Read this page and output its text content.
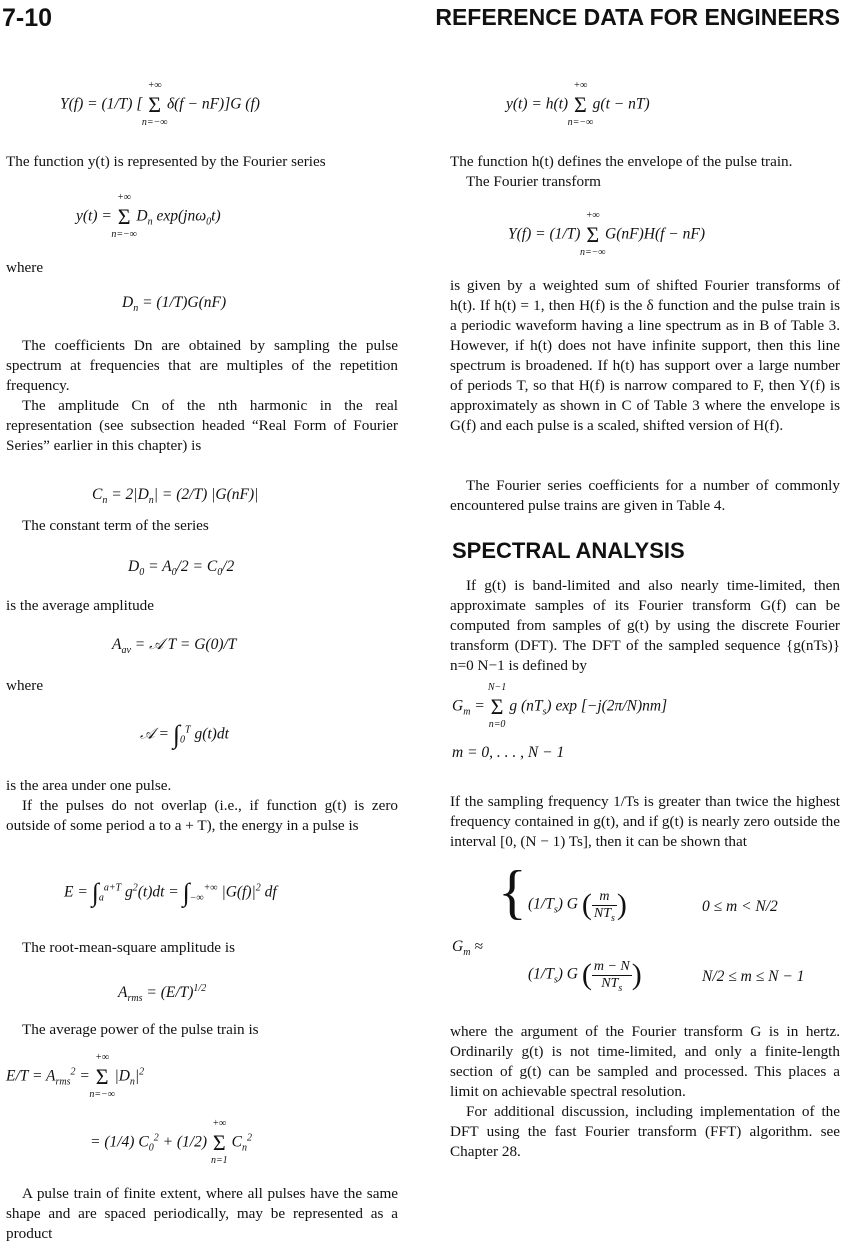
7-10	REFERENCE DATA FOR ENGINEERS
Y(f) = (1/T) [ Σ
+∞
n=−∞
δ(f − nF)]G (f)
The function y(t) is represented by the Fourier series
y(t) = Σ
+∞
n=−∞
$D_n$ exp(jnω$_0$t)
where
$D_n = (1/T)G(nF)$
The coefficients Dn are obtained by sampling the pulse spectrum at frequencies that are multiples of the repetition frequency.
The amplitude Cn of the nth harmonic in the real representation (see subsection headed “Real Form of Fourier Series” earlier in this chapter) is
$C_n = 2|D_n| = (2/T)$ |G(nF)|
The constant term of the series
$D_0 = A_0/2 = C_0/2$
is the average amplitude
$A_{av}$ = 𝒜 T = G(0)/T
where
𝒜 = $\int_0^T$ g(t)dt
is the area under one pulse.
If the pulses do not overlap (i.e., if function g(t) is zero outside of some period a to a + T), the energy in a pulse is
$E = \int_a^{a+T}$ $g^2(t)dt = \int_{-\infty}^{+\infty}$ $|G(f)|^2$ df
The root-mean-square amplitude is
$A_{rms} = (E/T)^{1/2}$
The average power of the pulse train is
$E/T = A_{rms}^2 = \Sigma$
+∞
n=−∞
$|D_n|^2$
= (1/4) $C_0^2 + (1/2)$ Σ
+∞
n=1
$C_n^2$
A pulse train of finite extent, where all pulses have the same shape and are spaced periodically, may be represented as a product
y(t) = h(t) Σ
+∞
n=−∞
g(t − nT)
The function h(t) defines the envelope of the pulse train.
The Fourier transform
Y(f) = (1/T) Σ
+∞
n=−∞
G(nF)H(f − nF)
is given by a weighted sum of shifted Fourier transforms of h(t). If h(t) = 1, then H(f) is the δ function and the pulse train is a periodic waveform having a line spectrum as in B of Table 3. However, if h(t) does not have infinite support, then this line spectrum is broadened. If h(t) has support over a large number of periods T, so that H(f) is narrow compared to F, then Y(f) is approximately as shown in C of Table 3 where the envelope is G(f) and each pulse is a scaled, shifted version of H(f).
The Fourier series coefficients for a number of commonly encountered pulse trains are given in Table 4.
SPECTRAL ANALYSIS
If g(t) is band-limited and also nearly time-limited, then approximate samples of its Fourier transform G(f) can be computed from samples of g(t) by using the discrete Fourier transform (DFT). The DFT of the sampled sequence {g(nTs)} n=0 N−1 is defined by
$G_m = \Sigma$
N−1
n=0
g $(nT_s)$ exp [−j(2π/N)nm]
m = 0, . . . , N − 1
If the sampling frequency 1/Ts is greater than twice the highest frequency contained in g(t), and if g(t) is nearly zero outside the interval [0, (N − 1) Ts], then it can be shown that
$G_m$ ≈
{ $(1/T_s)$ G ( $\frac{m}{NT_s}$ )	0 ≤ m < N/2
$(1/T_s)$ G ( $\frac{m - N}{NT_s}$ )	N/2 ≤ m ≤ N − 1
where the argument of the Fourier transform G is in hertz. Ordinarily g(t) is not time-limited, and only a finite-length section of g(t) can be sampled and processed. This places a limit on achievable spectral resolution.
For additional discussion, including implementation of the DFT using the fast Fourier transform (FFT) algorithm. see Chapter 28.
